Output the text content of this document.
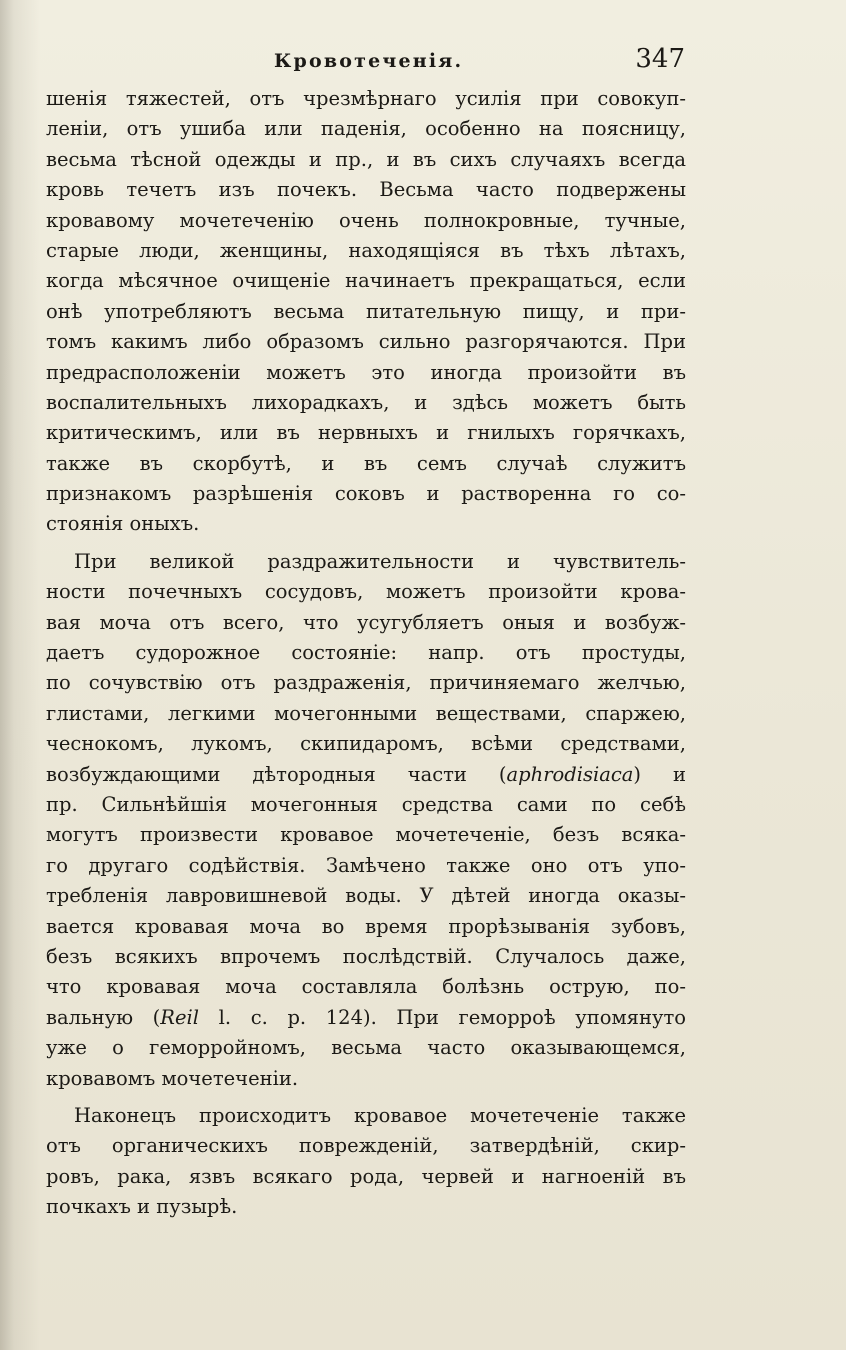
Кровотеченія.	347
шенія тяжестей, отъ чрезмѣрнаго усилія при совокуп-
леніи, отъ ушиба или паденія, особенно на поясницу,
весьма тѣсной одежды и пр., и въ сихъ случаяхъ всегда
кровь течетъ изъ почекъ. Весьма часто подвержены
кровавому мочетеченію очень полнокровные, тучные,
старые люди, женщины, находящіяся въ тѣхъ лѣтахъ,
когда мѣсячное очищеніе начинаетъ прекращаться, если
онѣ употребляютъ весьма питательную пищу, и при-
томъ какимъ либо образомъ сильно разгорячаются. При
предрасположеніи можетъ это иногда произойти въ
воспалительныхъ лихорадкахъ, и здѣсь можетъ быть
критическимъ, или въ нервныхъ и гнилыхъ горячкахъ,
также въ скорбутѣ, и въ семъ случаѣ служитъ
признакомъ разрѣшенія соковъ и растворенна го со-
стоянія оныхъ.
При великой раздражительности и чувствитель-
ности почечныхъ сосудовъ, можетъ произойти крова-
вая моча отъ всего, что усугубляетъ оныя и возбуж-
даетъ судорожное состояніе: напр. отъ простуды,
по сочувствію отъ раздраженія, причиняемаго желчью,
глистами, легкими мочегонными веществами, спаржею,
чеснокомъ, лукомъ, скипидаромъ, всѣми средствами,
возбуждающими дѣтородныя части (aphrodisiaca) и
пр. Сильнѣйшія мочегонныя средства сами по себѣ
могутъ произвести кровавое мочетеченіе, безъ всяка-
го другаго содѣйствія. Замѣчено также оно отъ упо-
требленія лавровишневой воды. У дѣтей иногда оказы-
вается кровавая моча во время прорѣзыванія зубовъ,
безъ всякихъ впрочемъ послѣдствій. Случалось даже,
что кровавая моча составляла болѣзнь острую, по-
вальную (Reil l. c. p. 124). При геморроѣ упомянуто
уже о геморройномъ, весьма часто оказывающемся,
кровавомъ мочетеченіи.
Наконецъ происходитъ кровавое мочетеченіе также
отъ органическихъ поврежденій, затвердѣній, скир-
ровъ, рака, язвъ всякаго рода, червей и нагноеній въ
почкахъ и пузырѣ.
